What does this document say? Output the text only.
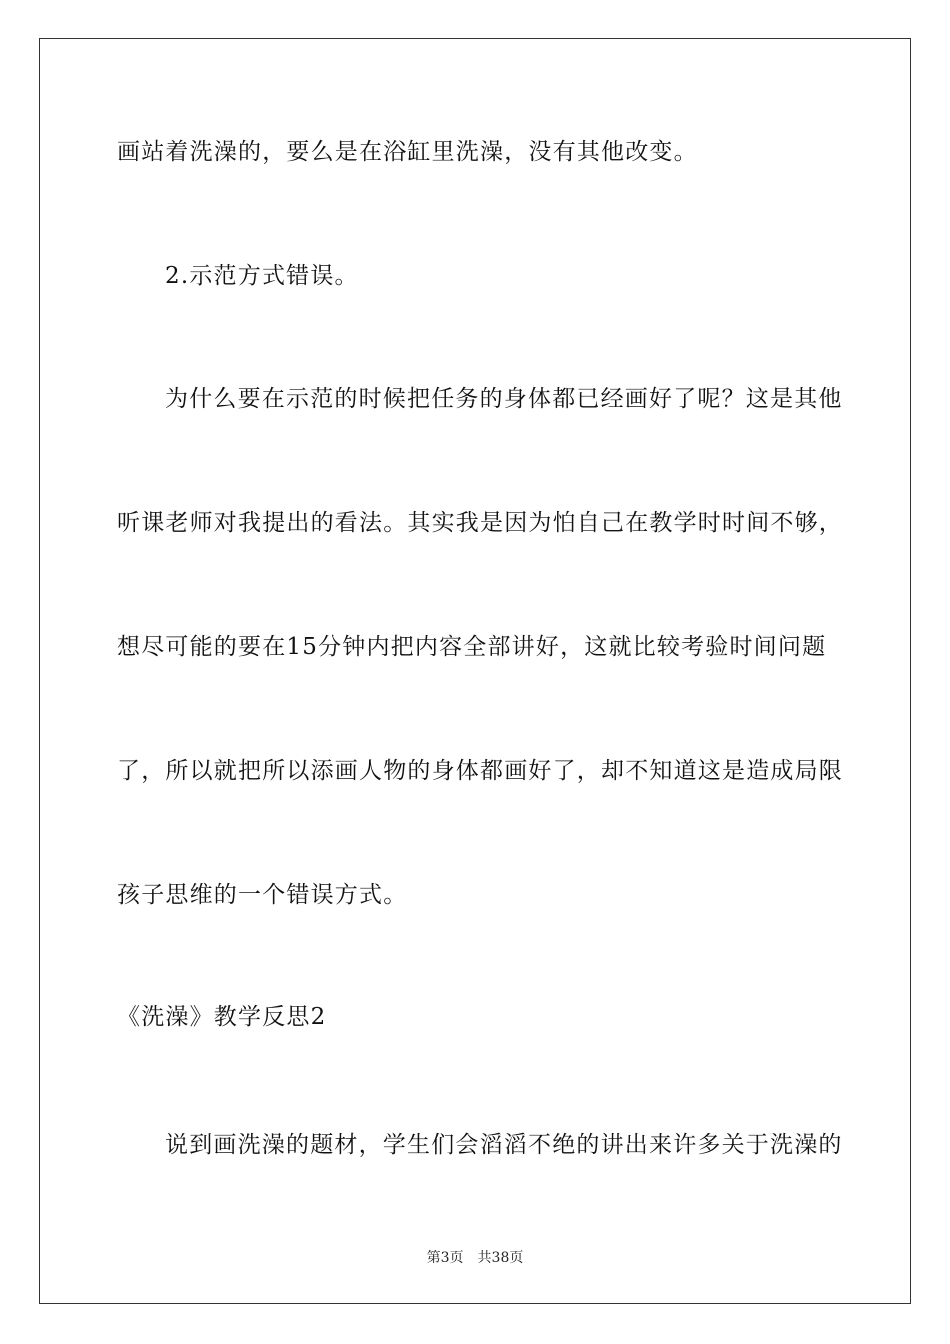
画站着洗澡的，要么是在浴缸里洗澡，没有其他改变。
2.示范方式错误。
为什么要在示范的时候把任务的身体都已经画好了呢？这是其他
听课老师对我提出的看法。其实我是因为怕自己在教学时时间不够，
想尽可能的要在15分钟内把内容全部讲好，这就比较考验时间问题
了，所以就把所以添画人物的身体都画好了，却不知道这是造成局限
孩子思维的一个错误方式。
《洗澡》教学反思2
说到画洗澡的题材，学生们会滔滔不绝的讲出来许多关于洗澡的
第3页 共38页
